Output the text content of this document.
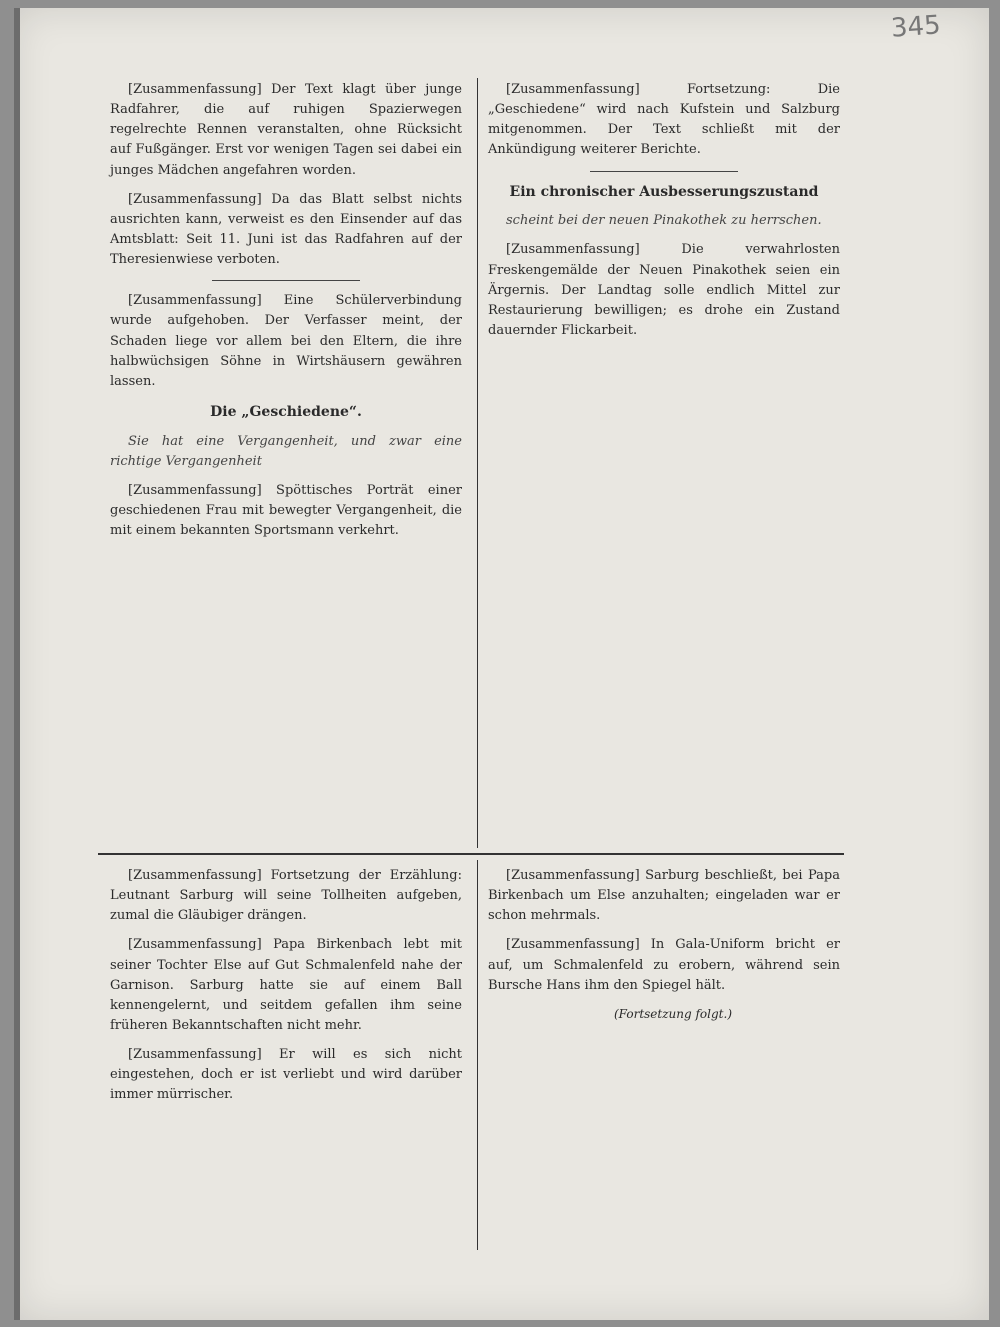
345

[Zusammenfassung] Der Text klagt über junge Radfahrer, die auf ruhigen Spazierwegen regelrechte Rennen veranstalten, ohne Rücksicht auf Fußgänger. Erst vor wenigen Tagen sei dabei ein junges Mädchen angefahren worden.

[Zusammenfassung] Da das Blatt selbst nichts ausrichten kann, verweist es den Einsender auf das Amtsblatt: Seit 11. Juni ist das Radfahren auf der Theresienwiese verboten.

[Zusammenfassung] Eine Schülerverbindung wurde aufgehoben. Der Verfasser meint, der Schaden liege vor allem bei den Eltern, die ihre halbwüchsigen Söhne in Wirtshäusern gewähren lassen.

Die „Geschiedene“.

Sie hat eine Vergangenheit, und zwar eine richtige Vergangenheit

[Zusammenfassung] Spöttisches Porträt einer geschiedenen Frau mit bewegter Vergangenheit, die mit einem bekannten Sportsmann verkehrt.

[Zusammenfassung] Fortsetzung: Die „Geschiedene“ wird nach Kufstein und Salzburg mitgenommen. Der Text schließt mit der Ankündigung weiterer Berichte.

Ein chronischer Ausbesserungszustand

scheint bei der neuen Pinakothek zu herrschen.

[Zusammenfassung] Die verwahrlosten Freskengemälde der Neuen Pinakothek seien ein Ärgernis. Der Landtag solle endlich Mittel zur Restaurierung bewilligen; es drohe ein Zustand dauernder Flickarbeit.

[Zusammenfassung] Fortsetzung der Erzählung: Leutnant Sarburg will seine Tollheiten aufgeben, zumal die Gläubiger drängen.

[Zusammenfassung] Papa Birkenbach lebt mit seiner Tochter Else auf Gut Schmalenfeld nahe der Garnison. Sarburg hatte sie auf einem Ball kennengelernt, und seitdem gefallen ihm seine früheren Bekanntschaften nicht mehr.

[Zusammenfassung] Er will es sich nicht eingestehen, doch er ist verliebt und wird darüber immer mürrischer.

[Zusammenfassung] Sarburg beschließt, bei Papa Birkenbach um Else anzuhalten; eingeladen war er schon mehrmals.

[Zusammenfassung] In Gala-Uniform bricht er auf, um Schmalenfeld zu erobern, während sein Bursche Hans ihm den Spiegel hält.

(Fortsetzung folgt.)
